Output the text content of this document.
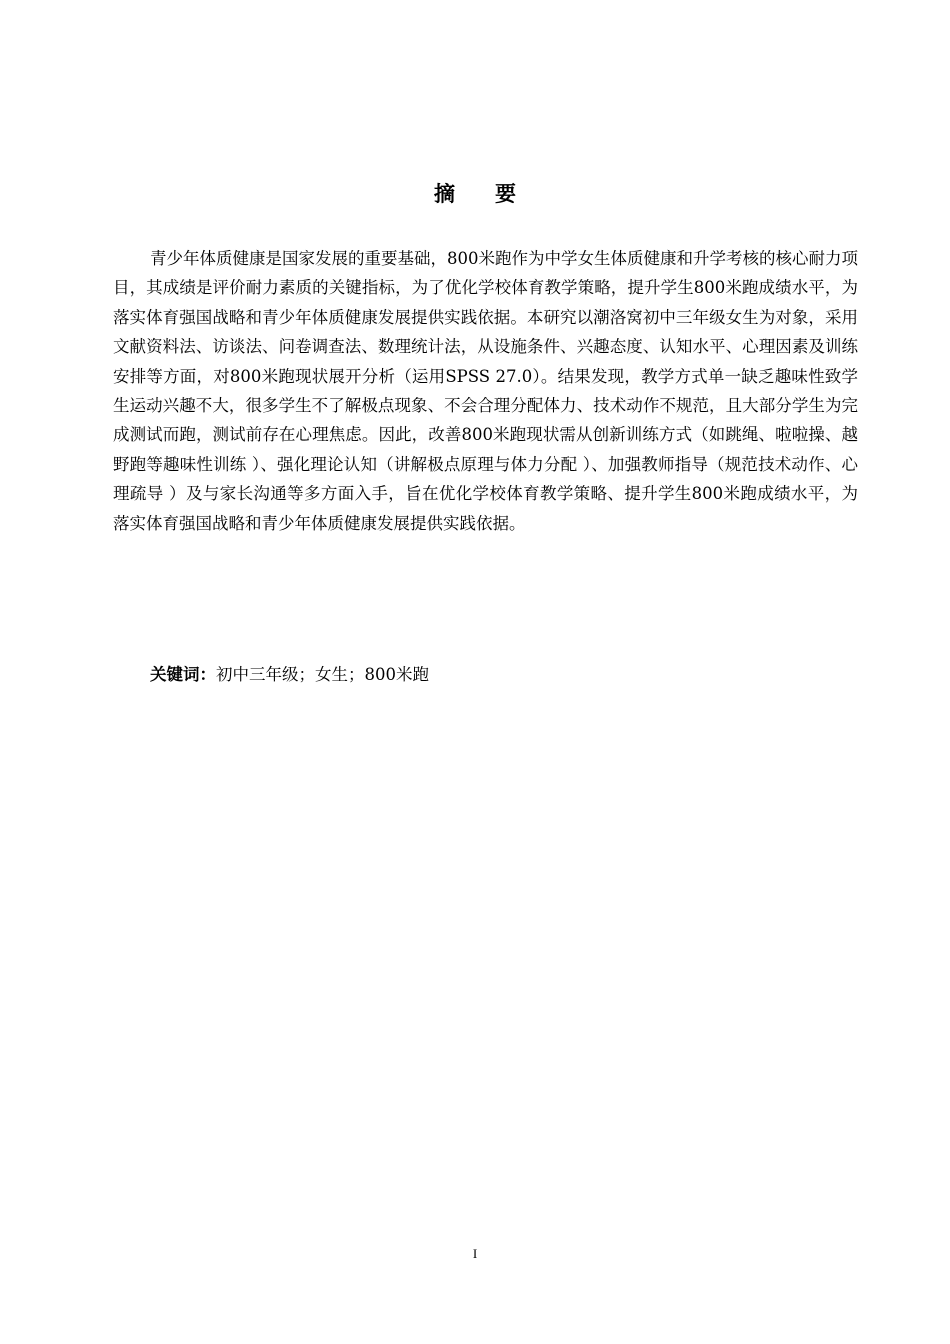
摘要

青少年体质健康是国家发展的重要基础，800米跑作为中学女生体质健康和升学考核的核心耐力项目，其成绩是评价耐力素质的关键指标，为了优化学校体育教学策略，提升学生800米跑成绩水平，为落实体育强国战略和青少年体质健康发展提供实践依据。本研究以潮洛窝初中三年级女生为对象，采用文献资料法、访谈法、问卷调查法、数理统计法，从设施条件、兴趣态度、认知水平、心理因素及训练安排等方面，对800米跑现状展开分析（运用SPSS 27.0）。结果发现，教学方式单一缺乏趣味性致学生运动兴趣不大，很多学生不了解极点现象、不会合理分配体力、技术动作不规范，且大部分学生为完成测试而跑，测试前存在心理焦虑。因此，改善800米跑现状需从创新训练方式（如跳绳、啦啦操、越野跑等趣味性训练 ）、强化理论认知（讲解极点原理与体力分配 ）、加强教师指导（规范技术动作、心理疏导 ）及与家长沟通等多方面入手，旨在优化学校体育教学策略、提升学生800米跑成绩水平，为落实体育强国战略和青少年体质健康发展提供实践依据。

关键词：初中三年级；女生；800米跑

I
